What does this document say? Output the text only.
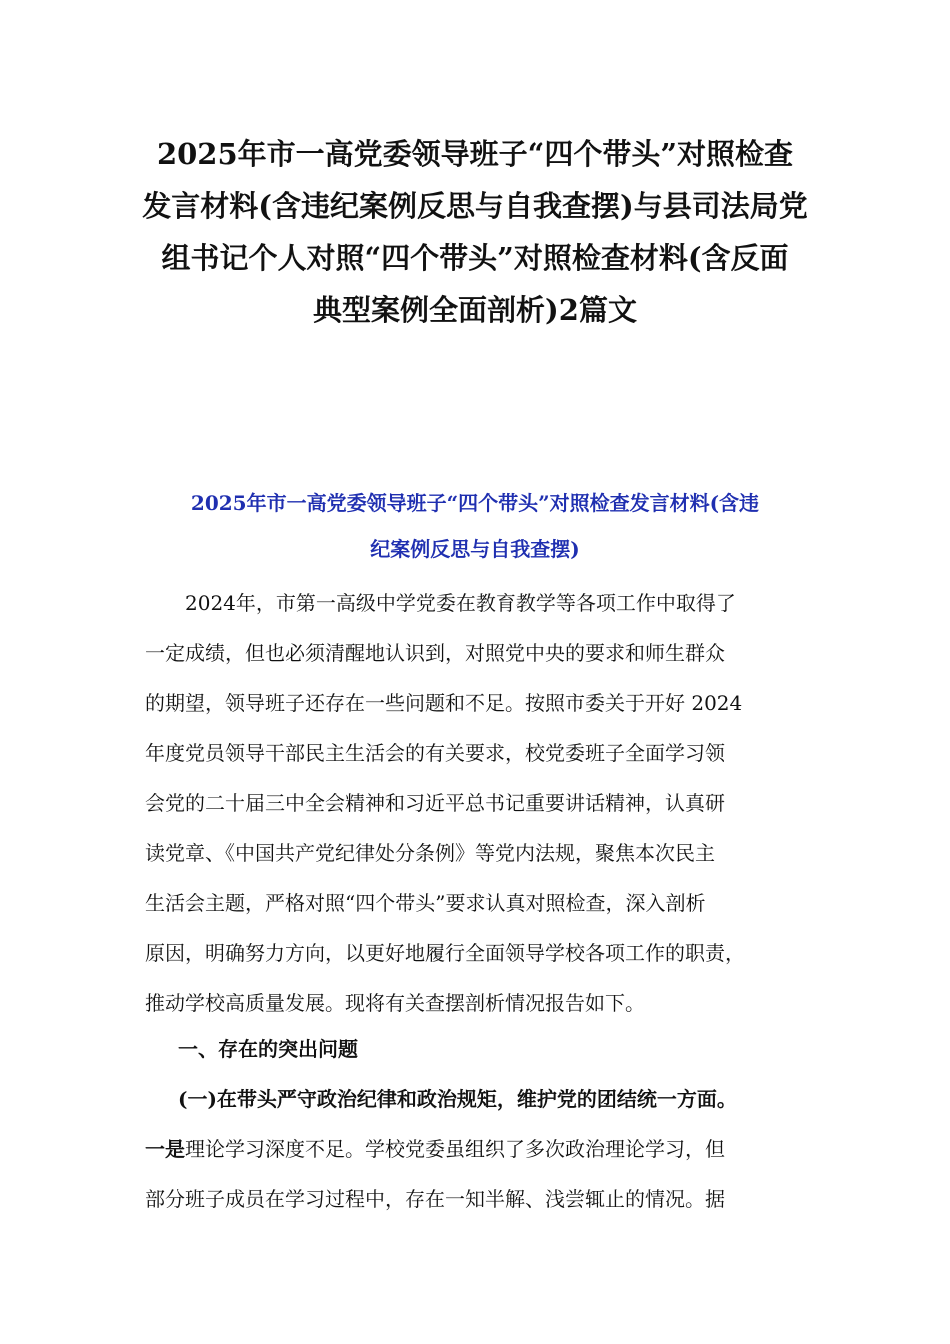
2025年市一高党委领导班子“四个带头”对照检查
发言材料(含违纪案例反思与自我查摆)与县司法局党
组书记个人对照“四个带头”对照检查材料(含反面
典型案例全面剖析)2篇文
2025年市一高党委领导班子“四个带头”对照检查发言材料(含违
纪案例反思与自我查摆)
　　2024年，市第一高级中学党委在教育教学等各项工作中取得了
一定成绩，但也必须清醒地认识到，对照党中央的要求和师生群众
的期望，领导班子还存在一些问题和不足。按照市委关于开好 2024
年度党员领导干部民主生活会的有关要求，校党委班子全面学习领
会党的二十届三中全会精神和习近平总书记重要讲话精神，认真研
读党章、《中国共产党纪律处分条例》等党内法规，聚焦本次民主
生活会主题，严格对照“四个带头”要求认真对照检查，深入剖析
原因，明确努力方向，以更好地履行全面领导学校各项工作的职责，
推动学校高质量发展。现将有关查摆剖析情况报告如下。

一、存在的突出问题

(一)在带头严守政治纪律和政治规矩，维护党的团结统一方面。

一是理论学习深度不足。学校党委虽组织了多次政治理论学习，但
部分班子成员在学习过程中，存在一知半解、浅尝辄止的情况。据
